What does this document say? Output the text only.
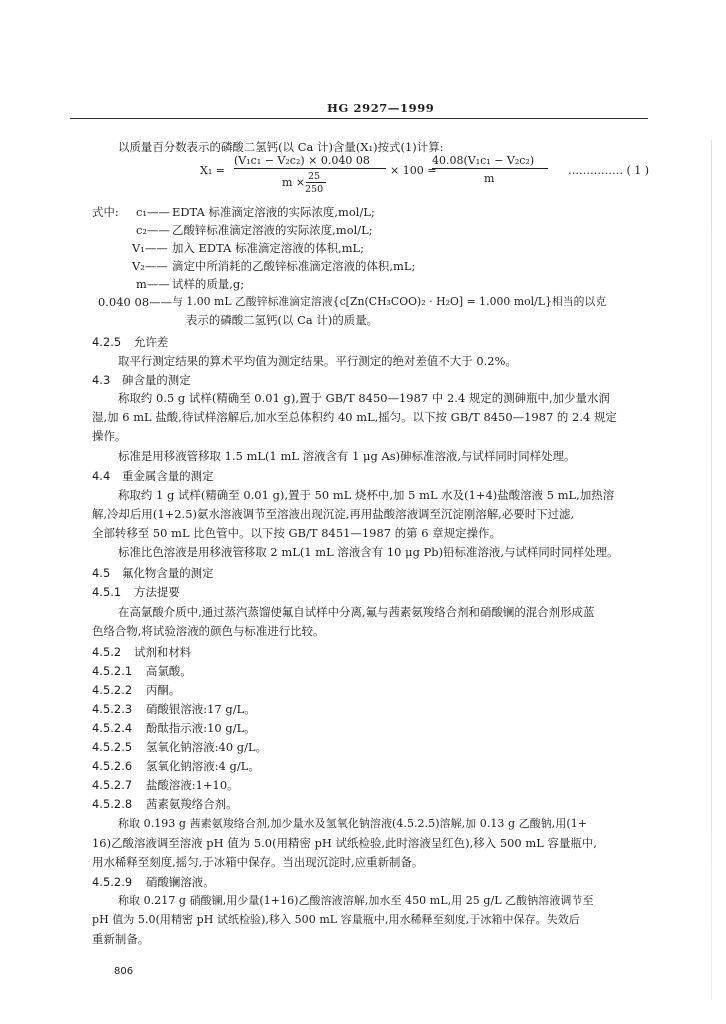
HG 2927—1999
以质量百分数表示的磷酸二氢钙(以 Ca 计)含量(X₁)按式(1)计算:
X₁ =
(V₁c₁ − V₂c₂) × 0.040 08
m × 25
250
× 100 =
40.08(V₁c₁ − V₂c₂)
m
…………… ( 1 )
式中: c₁—— EDTA 标准滴定溶液的实际浓度,mol/L;
c₂—— 乙酸锌标准滴定溶液的实际浓度,mol/L;
V₁—— 加入 EDTA 标准滴定溶液的体积,mL;
V₂—— 滴定中所消耗的乙酸锌标准滴定溶液的体积,mL;
m—— 试样的质量,g;
0.040 08—— 与 1.00 mL 乙酸锌标准滴定溶液{c[Zn(CH₃COO)₂ · H₂O] = 1.000 mol/L}相当的以克
表示的磷酸二氢钙(以 Ca 计)的质量。
4.2.5 允许差
取平行测定结果的算术平均值为测定结果。平行测定的绝对差值不大于 0.2%。
4.3 砷含量的测定
称取约 0.5 g 试样(精确至 0.01 g),置于 GB/T 8450—1987 中 2.4 规定的测砷瓶中,加少量水润
湿,加 6 mL 盐酸,待试样溶解后,加水至总体积约 40 mL,摇匀。以下按 GB/T 8450—1987 的 2.4 规定
操作。
标准是用移液管移取 1.5 mL(1 mL 溶液含有 1 μg As)砷标准溶液,与试样同时同样处理。
4.4 重金属含量的测定
称取约 1 g 试样(精确至 0.01 g),置于 50 mL 烧杯中,加 5 mL 水及(1+4)盐酸溶液 5 mL,加热溶
解,冷却后用(1+2.5)氨水溶液调节至溶液出现沉淀,再用盐酸溶液调至沉淀刚溶解,必要时下过滤,
全部转移至 50 mL 比色管中。以下按 GB/T 8451—1987 的第 6 章规定操作。
标准比色溶液是用移液管移取 2 mL(1 mL 溶液含有 10 μg Pb)铅标准溶液,与试样同时同样处理。
4.5 氟化物含量的测定
4.5.1 方法提要
在高氯酸介质中,通过蒸汽蒸馏使氟自试样中分离,氟与茜素氨羧络合剂和硝酸镧的混合剂形成蓝
色络合物,将试验溶液的颜色与标准进行比较。
4.5.2 试剂和材料
4.5.2.1 高氯酸。
4.5.2.2 丙酮。
4.5.2.3 硝酸银溶液:17 g/L。
4.5.2.4 酚酞指示液:10 g/L。
4.5.2.5 氢氧化钠溶液:40 g/L。
4.5.2.6 氢氧化钠溶液:4 g/L。
4.5.2.7 盐酸溶液:1+10。
4.5.2.8 茜素氨羧络合剂。
称取 0.193 g 茜素氨羧络合剂,加少量水及氢氧化钠溶液(4.5.2.5)溶解,加 0.13 g 乙酸钠,用(1+
16)乙酸溶液调至溶液 pH 值为 5.0(用精密 pH 试纸检验,此时溶液呈红色),移入 500 mL 容量瓶中,
用水稀释至刻度,摇匀,于冰箱中保存。当出现沉淀时,应重新制备。
4.5.2.9 硝酸镧溶液。
称取 0.217 g 硝酸镧,用少量(1+16)乙酸溶液溶解,加水至 450 mL,用 25 g/L 乙酸钠溶液调节至
pH 值为 5.0(用精密 pH 试纸检验),移入 500 mL 容量瓶中,用水稀释至刻度,于冰箱中保存。失效后
重新制备。
806
